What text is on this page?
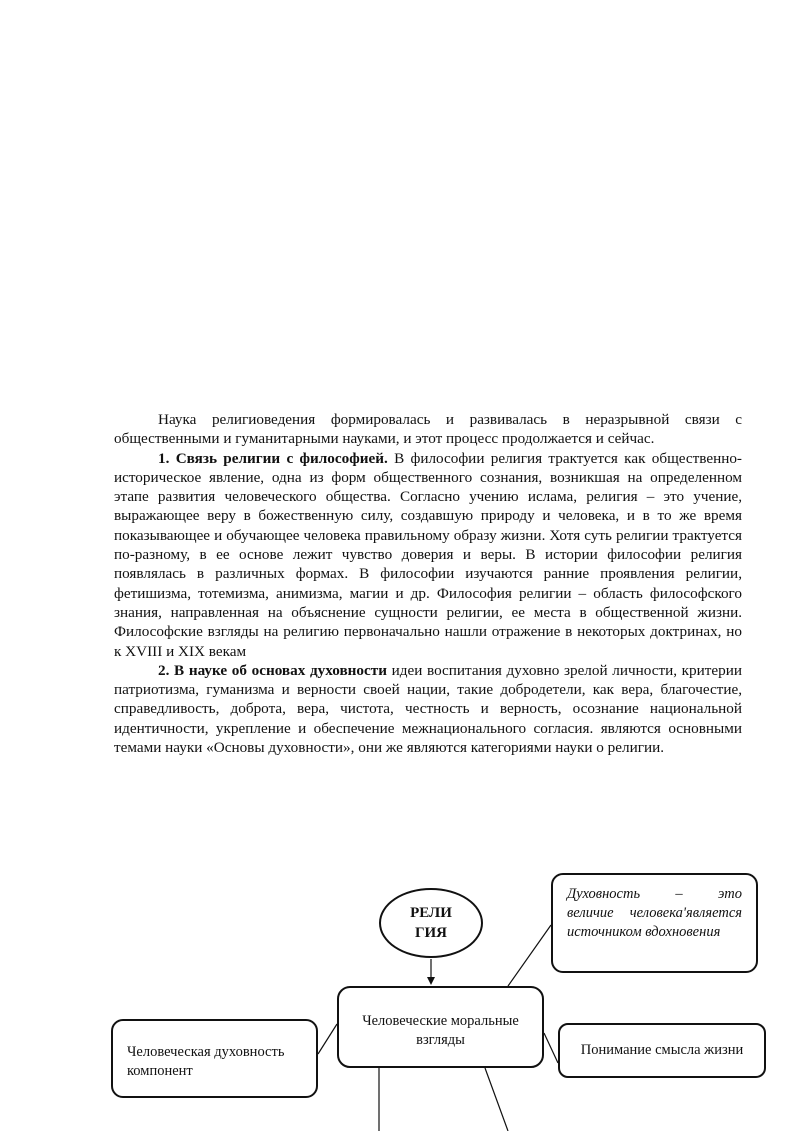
Наука религиоведения формировалась и развивалась в неразрывной связи с общественными и гуманитарными науками, и этот процесс продолжается и сейчас.

1. Связь религии с философией. В философии религия трактуется как общественно-историческое явление, одна из форм общественного сознания, возникшая на определенном этапе развития человеческого общества. Согласно учению ислама, религия – это учение, выражающее веру в божественную силу, создавшую природу и человека, и в то же время показывающее и обучающее человека правильному образу жизни. Хотя суть религии трактуется по-разному, в ее основе лежит чувство доверия и веры. В истории философии религия появлялась в различных формах. В философии изучаются ранние проявления религии, фетишизма, тотемизма, анимизма, магии и др. Философия религии – область философского знания, направленная на объяснение сущности религии, ее места в общественной жизни. Философские взгляды на религию первоначально нашли отражение в некоторых доктринах, но к XVIII и XIX векам

2. В науке об основах духовности идеи воспитания духовно зрелой личности, критерии патриотизма, гуманизма и верности своей нации, такие добродетели, как вера, благочестие, справедливость, доброта, вера, чистота, честность и верность, осознание национальной идентичности, укрепление и обеспечение межнационального согласия. являются основными темами науки «Основы духовности», они же являются категориями науки о религии.

РЕЛИ
ГИЯ
Человеческие моральные взгляды
Духовность – это
величие человека'является источником вдохновения
Человеческая духовность компонент
Понимание смысла жизни
